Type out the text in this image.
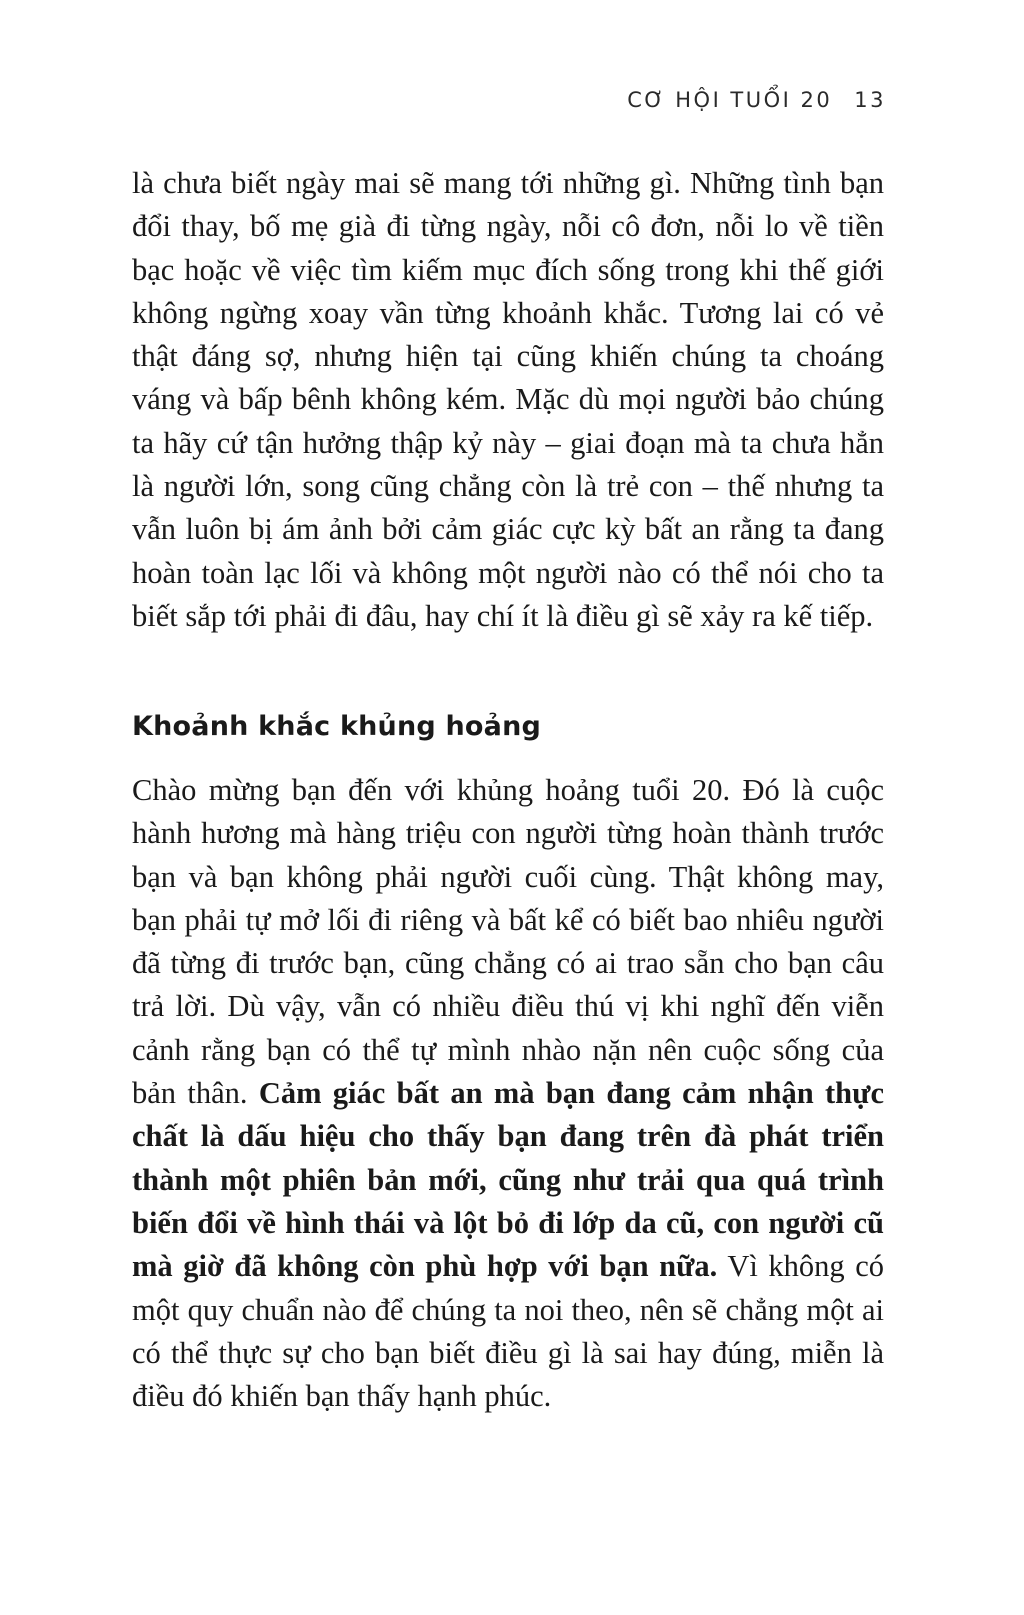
CƠ HỘI TUỔI 20 13

là chưa biết ngày mai sẽ mang tới những gì. Những tình bạn đổi thay, bố mẹ già đi từng ngày, nỗi cô đơn, nỗi lo về tiền bạc hoặc về việc tìm kiếm mục đích sống trong khi thế giới không ngừng xoay vần từng khoảnh khắc. Tương lai có vẻ thật đáng sợ, nhưng hiện tại cũng khiến chúng ta choáng váng và bấp bênh không kém. Mặc dù mọi người bảo chúng ta hãy cứ tận hưởng thập kỷ này – giai đoạn mà ta chưa hẳn là người lớn, song cũng chẳng còn là trẻ con – thế nhưng ta vẫn luôn bị ám ảnh bởi cảm giác cực kỳ bất an rằng ta đang hoàn toàn lạc lối và không một người nào có thể nói cho ta biết sắp tới phải đi đâu, hay chí ít là điều gì sẽ xảy ra kế tiếp.

Khoảnh khắc khủng hoảng

Chào mừng bạn đến với khủng hoảng tuổi 20. Đó là cuộc hành hương mà hàng triệu con người từng hoàn thành trước bạn và bạn không phải người cuối cùng. Thật không may, bạn phải tự mở lối đi riêng và bất kể có biết bao nhiêu người đã từng đi trước bạn, cũng chẳng có ai trao sẵn cho bạn câu trả lời. Dù vậy, vẫn có nhiều điều thú vị khi nghĩ đến viễn cảnh rằng bạn có thể tự mình nhào nặn nên cuộc sống của bản thân. Cảm giác bất an mà bạn đang cảm nhận thực chất là dấu hiệu cho thấy bạn đang trên đà phát triển thành một phiên bản mới, cũng như trải qua quá trình biến đổi về hình thái và lột bỏ đi lớp da cũ, con người cũ mà giờ đã không còn phù hợp với bạn nữa. Vì không có một quy chuẩn nào để chúng ta noi theo, nên sẽ chẳng một ai có thể thực sự cho bạn biết điều gì là sai hay đúng, miễn là điều đó khiến bạn thấy hạnh phúc.
